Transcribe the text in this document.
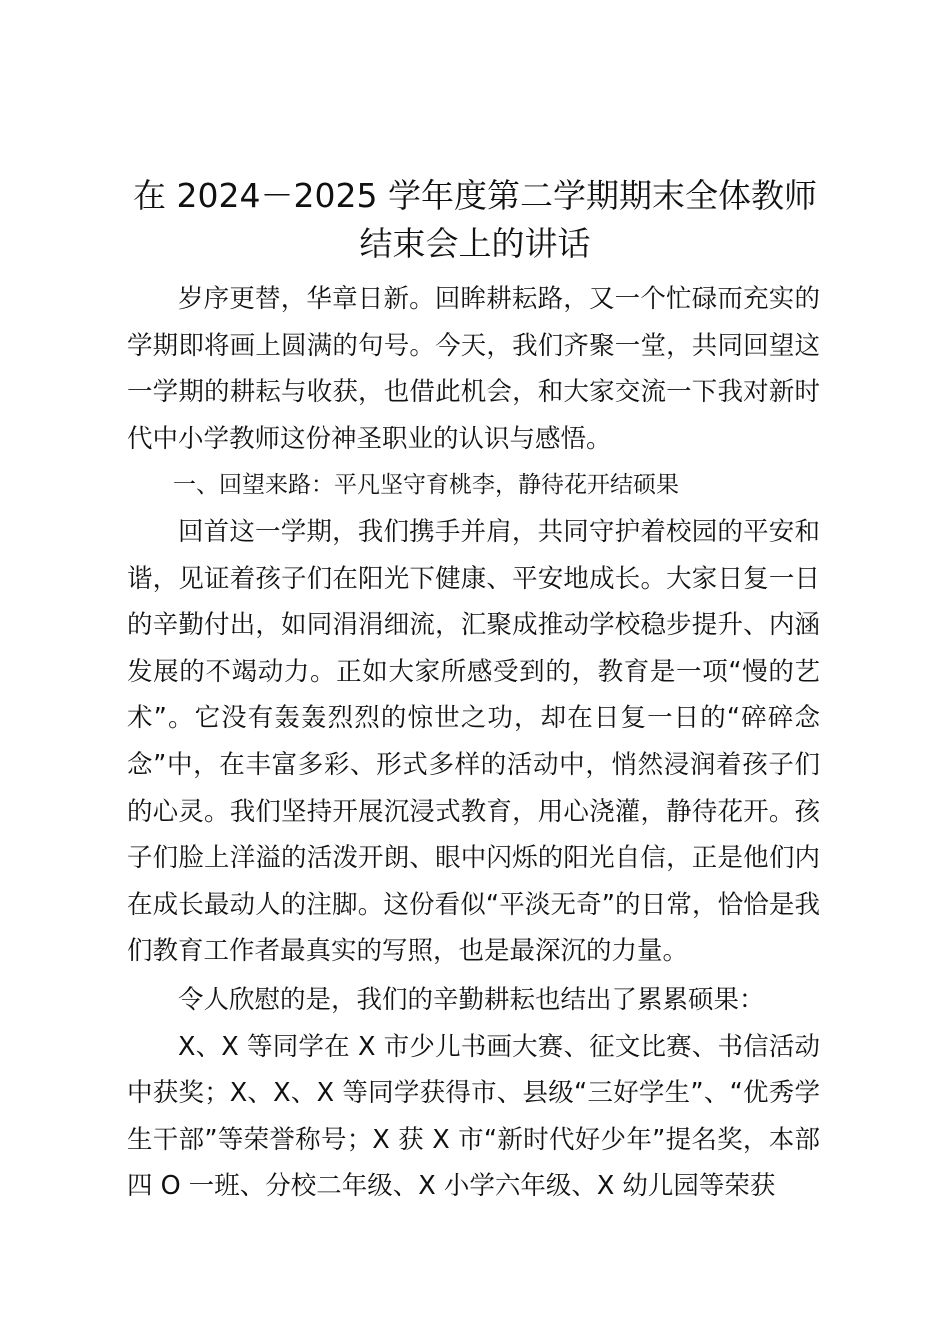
在 2024－2025 学年度第二学期期末全体教师结束会上的讲话

岁序更替，华章日新。回眸耕耘路，又一个忙碌而充实的学期即将画上圆满的句号。今天，我们齐聚一堂，共同回望这一学期的耕耘与收获，也借此机会，和大家交流一下我对新时代中小学教师这份神圣职业的认识与感悟。

一、回望来路：平凡坚守育桃李，静待花开结硕果

回首这一学期，我们携手并肩，共同守护着校园的平安和谐，见证着孩子们在阳光下健康、平安地成长。大家日复一日的辛勤付出，如同涓涓细流，汇聚成推动学校稳步提升、内涵发展的不竭动力。正如大家所感受到的，教育是一项“慢的艺术”。它没有轰轰烈烈的惊世之功，却在日复一日的“碎碎念念”中，在丰富多彩、形式多样的活动中，悄然浸润着孩子们的心灵。我们坚持开展沉浸式教育，用心浇灌，静待花开。孩子们脸上洋溢的活泼开朗、眼中闪烁的阳光自信，正是他们内在成长最动人的注脚。这份看似“平淡无奇”的日常，恰恰是我们教育工作者最真实的写照，也是最深沉的力量。

令人欣慰的是，我们的辛勤耕耘也结出了累累硕果：

X、X 等同学在 X 市少儿书画大赛、征文比赛、书信活动中获奖；X、X、X 等同学获得市、县级“三好学生”、“优秀学生干部”等荣誉称号；X 获 X 市“新时代好少年”提名奖，本部四 O 一班、分校二年级、X 小学六年级、X 幼儿园等荣获
